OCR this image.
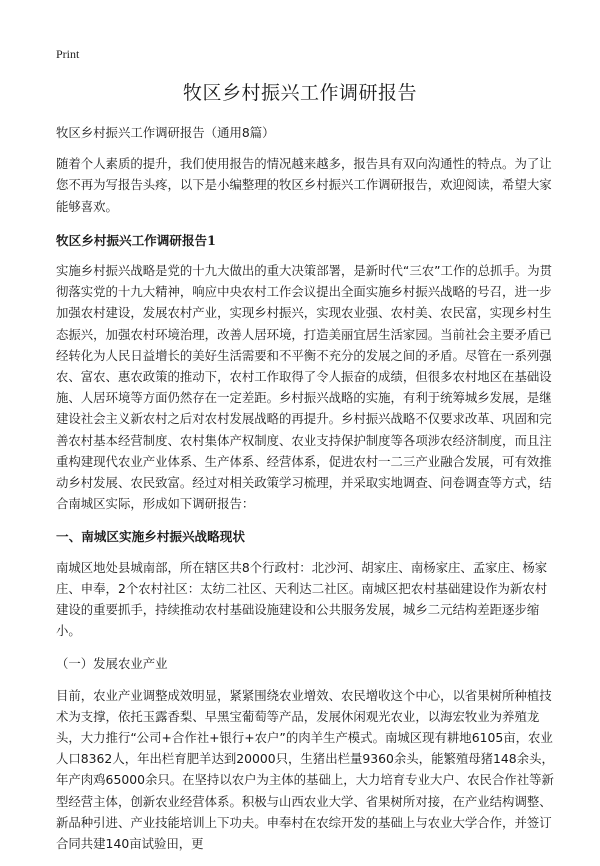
Print
牧区乡村振兴工作调研报告

牧区乡村振兴工作调研报告（通用8篇）

随着个人素质的提升，我们使用报告的情况越来越多，报告具有双向沟通性的特点。为了让您不再为写报告头疼，以下是小编整理的牧区乡村振兴工作调研报告，欢迎阅读，希望大家能够喜欢。

牧区乡村振兴工作调研报告1

实施乡村振兴战略是党的十九大做出的重大决策部署，是新时代“三农”工作的总抓手。为贯彻落实党的十九大精神，响应中央农村工作会议提出全面实施乡村振兴战略的号召，进一步加强农村建设，发展农村产业，实现乡村振兴，实现农业强、农村美、农民富，实现乡村生态振兴，加强农村环境治理，改善人居环境，打造美丽宜居生活家园。当前社会主要矛盾已经转化为人民日益增长的美好生活需要和不平衡不充分的发展之间的矛盾。尽管在一系列强农、富农、惠农政策的推动下，农村工作取得了令人振奋的成绩，但很多农村地区在基础设施、人居环境等方面仍然存在一定差距。乡村振兴战略的实施，有利于统筹城乡发展，是继建设社会主义新农村之后对农村发展战略的再提升。乡村振兴战略不仅要求改革、巩固和完善农村基本经营制度、农村集体产权制度、农业支持保护制度等各项涉农经济制度，而且注重构建现代农业产业体系、生产体系、经营体系，促进农村一二三产业融合发展，可有效推动乡村发展、农民致富。经过对相关政策学习梳理，并采取实地调查、问卷调查等方式，结合南城区实际，形成如下调研报告：

一、南城区实施乡村振兴战略现状

南城区地处县城南部，所在辖区共8个行政村：北沙河、胡家庄、南杨家庄、孟家庄、杨家庄、申奉，2个农村社区：太纺二社区、天利达二社区。南城区把农村基础建设作为新农村建设的重要抓手，持续推动农村基础设施建设和公共服务发展，城乡二元结构差距逐步缩小。

（一）发展农业产业

目前，农业产业调整成效明显，紧紧围绕农业增效、农民增收这个中心，以省果树所种植技术为支撑，依托玉露香梨、早黑宝葡萄等产品，发展休闲观光农业，以海宏牧业为养殖龙头，大力推行“公司+合作社+银行+农户”的肉羊生产模式。南城区现有耕地6105亩，农业人口8362人，年出栏育肥羊达到20000只，生猪出栏量9360余头，能繁殖母猪148余头，年产肉鸡65000余只。在坚持以农户为主体的基础上，大力培育专业大户、农民合作社等新型经营主体，创新农业经营体系。积极与山西农业大学、省果树所对接，在产业结构调整、新品种引进、产业技能培训上下功夫。申奉村在农综开发的基础上与农业大学合作，并签订合同共建140亩试验田，更
